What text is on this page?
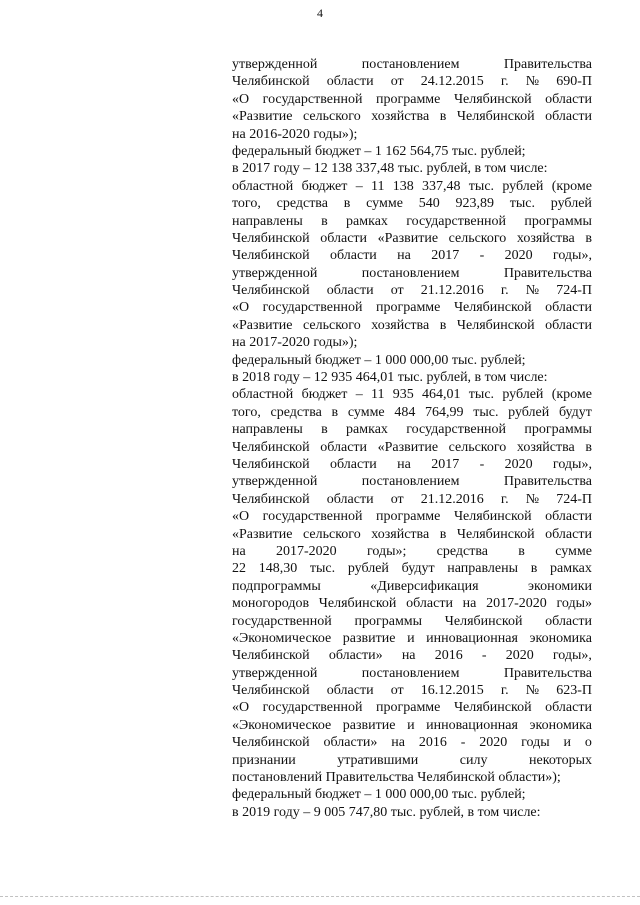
4
утвержденной	постановлением	Правительства
Челябинской области от 24.12.2015 г. № 690-П
«О государственной программе Челябинской области
«Развитие сельского хозяйства в Челябинской области
на 2016-2020 годы»);
федеральный бюджет – 1 162 564,75 тыс. рублей;
в 2017 году – 12 138 337,48 тыс. рублей, в том числе:
областной бюджет – 11 138 337,48 тыс. рублей (кроме
того, средства в сумме 540 923,89 тыс. рублей
направлены в рамках государственной программы
Челябинской области «Развитие сельского хозяйства в
Челябинской области на 2017 - 2020 годы»,
утвержденной	постановлением	Правительства
Челябинской области от 21.12.2016 г. № 724-П
«О государственной программе Челябинской области
«Развитие сельского хозяйства в Челябинской области
на 2017-2020 годы»);
федеральный бюджет – 1 000 000,00 тыс. рублей;
в 2018 году – 12 935 464,01 тыс. рублей, в том числе:
областной бюджет – 11 935 464,01 тыс. рублей (кроме
того, средства в сумме 484 764,99 тыс. рублей будут
направлены в рамках государственной программы
Челябинской области «Развитие сельского хозяйства в
Челябинской области на 2017 - 2020 годы»,
утвержденной	постановлением	Правительства
Челябинской области от 21.12.2016 г. № 724-П
«О государственной программе Челябинской области
«Развитие сельского хозяйства в Челябинской области
на 2017-2020 годы»; средства в сумме
22 148,30 тыс. рублей будут направлены в рамках
подпрограммы	«Диверсификация	экономики
моногородов Челябинской области на 2017-2020 годы»
государственной программы Челябинской области
«Экономическое развитие и инновационная экономика
Челябинской области» на 2016 - 2020 годы»,
утвержденной	постановлением	Правительства
Челябинской области от 16.12.2015 г. № 623-П
«О государственной программе Челябинской области
«Экономическое развитие и инновационная экономика
Челябинской области» на 2016 - 2020 годы и о
признании	утратившими	силу	некоторых
постановлений Правительства Челябинской области»);
федеральный бюджет – 1 000 000,00 тыс. рублей;
в 2019 году – 9 005 747,80 тыс. рублей, в том числе:
